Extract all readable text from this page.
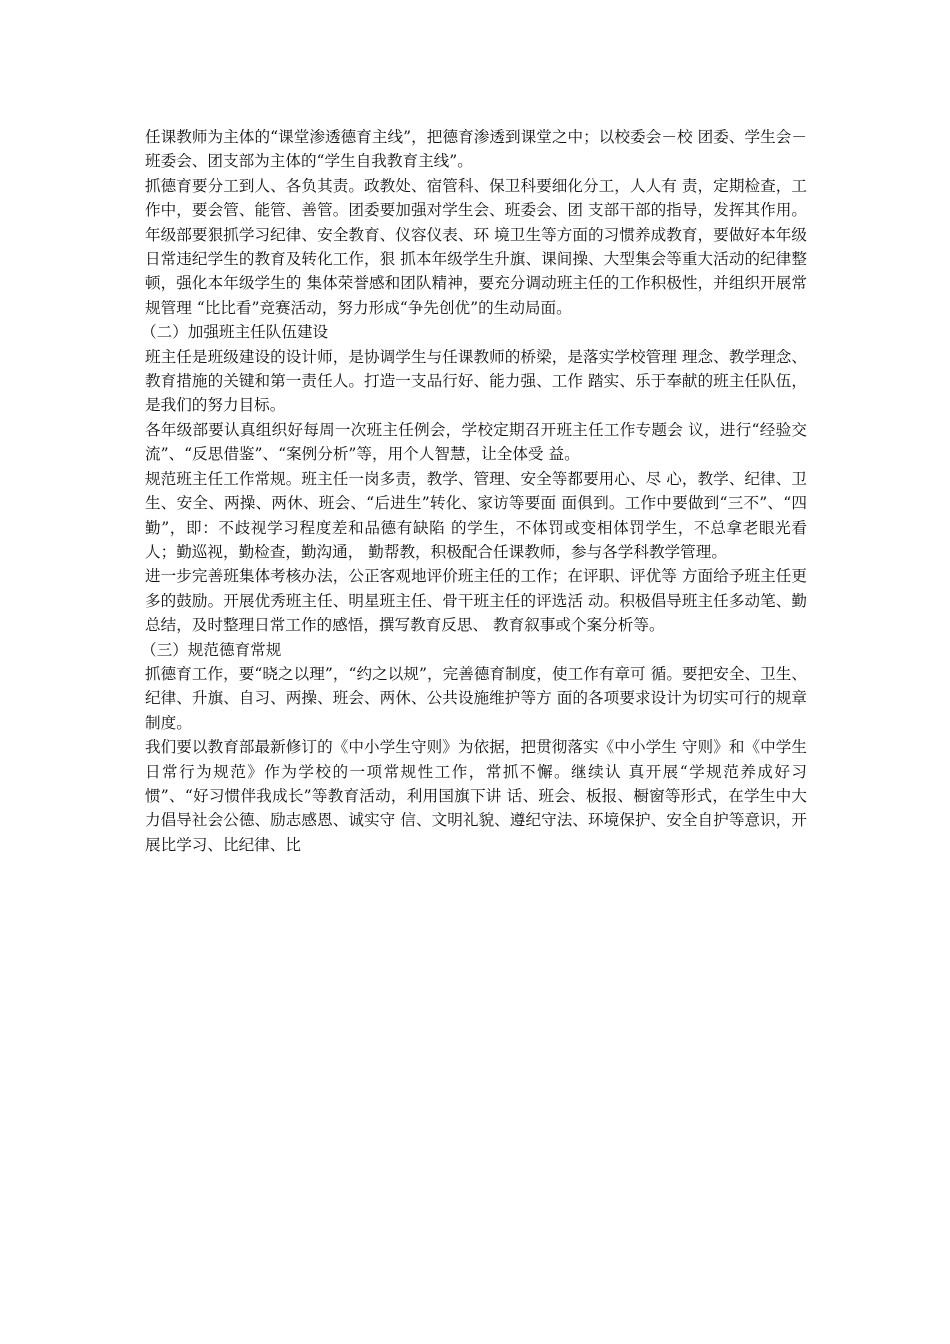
任课教师为主体的“课堂渗透德育主线”，把德育渗透到课堂之中；以校委会－校 团委、学生会－班委会、团支部为主体的“学生自我教育主线”。

抓德育要分工到人、各负其责。政教处、宿管科、保卫科要细化分工，人人有 责，定期检查，工作中，要会管、能管、善管。团委要加强对学生会、班委会、团 支部干部的指导，发挥其作用。年级部要狠抓学习纪律、安全教育、仪容仪表、环 境卫生等方面的习惯养成教育，要做好本年级日常违纪学生的教育及转化工作，狠 抓本年级学生升旗、课间操、大型集会等重大活动的纪律整顿，强化本年级学生的 集体荣誉感和团队精神，要充分调动班主任的工作积极性，并组织开展常规管理 “比比看”竞赛活动，努力形成“争先创优”的生动局面。

（二）加强班主任队伍建设

班主任是班级建设的设计师，是协调学生与任课教师的桥梁，是落实学校管理 理念、教学理念、教育措施的关键和第一责任人。打造一支品行好、能力强、工作 踏实、乐于奉献的班主任队伍，是我们的努力目标。

各年级部要认真组织好每周一次班主任例会，学校定期召开班主任工作专题会 议，进行“经验交流”、“反思借鉴”、“案例分析”等，用个人智慧，让全体受 益。

规范班主任工作常规。班主任一岗多责，教学、管理、安全等都要用心、尽 心，教学、纪律、卫生、安全、两操、两休、班会、“后进生”转化、家访等要面 面俱到。工作中要做到“三不”、“四勤”，即：不歧视学习程度差和品德有缺陷 的学生，不体罚或变相体罚学生，不总拿老眼光看人；勤巡视，勤检查，勤沟通， 勤帮教，积极配合任课教师，参与各学科教学管理。

进一步完善班集体考核办法，公正客观地评价班主任的工作；在评职、评优等 方面给予班主任更多的鼓励。开展优秀班主任、明星班主任、骨干班主任的评选活 动。积极倡导班主任多动笔、勤总结，及时整理日常工作的感悟，撰写教育反思、 教育叙事或个案分析等。

（三）规范德育常规

抓德育工作，要“晓之以理”，“约之以规”，完善德育制度，使工作有章可 循。要把安全、卫生、纪律、升旗、自习、两操、班会、两休、公共设施维护等方 面的各项要求设计为切实可行的规章制度。

我们要以教育部最新修订的《中小学生守则》为依据，把贯彻落实《中小学生 守则》和《中学生日常行为规范》作为学校的一项常规性工作，常抓不懈。继续认 真开展“学规范养成好习惯”、“好习惯伴我成长”等教育活动，利用国旗下讲 话、班会、板报、橱窗等形式，在学生中大力倡导社会公德、励志感恩、诚实守 信、文明礼貌、遵纪守法、环境保护、安全自护等意识，开展比学习、比纪律、比
